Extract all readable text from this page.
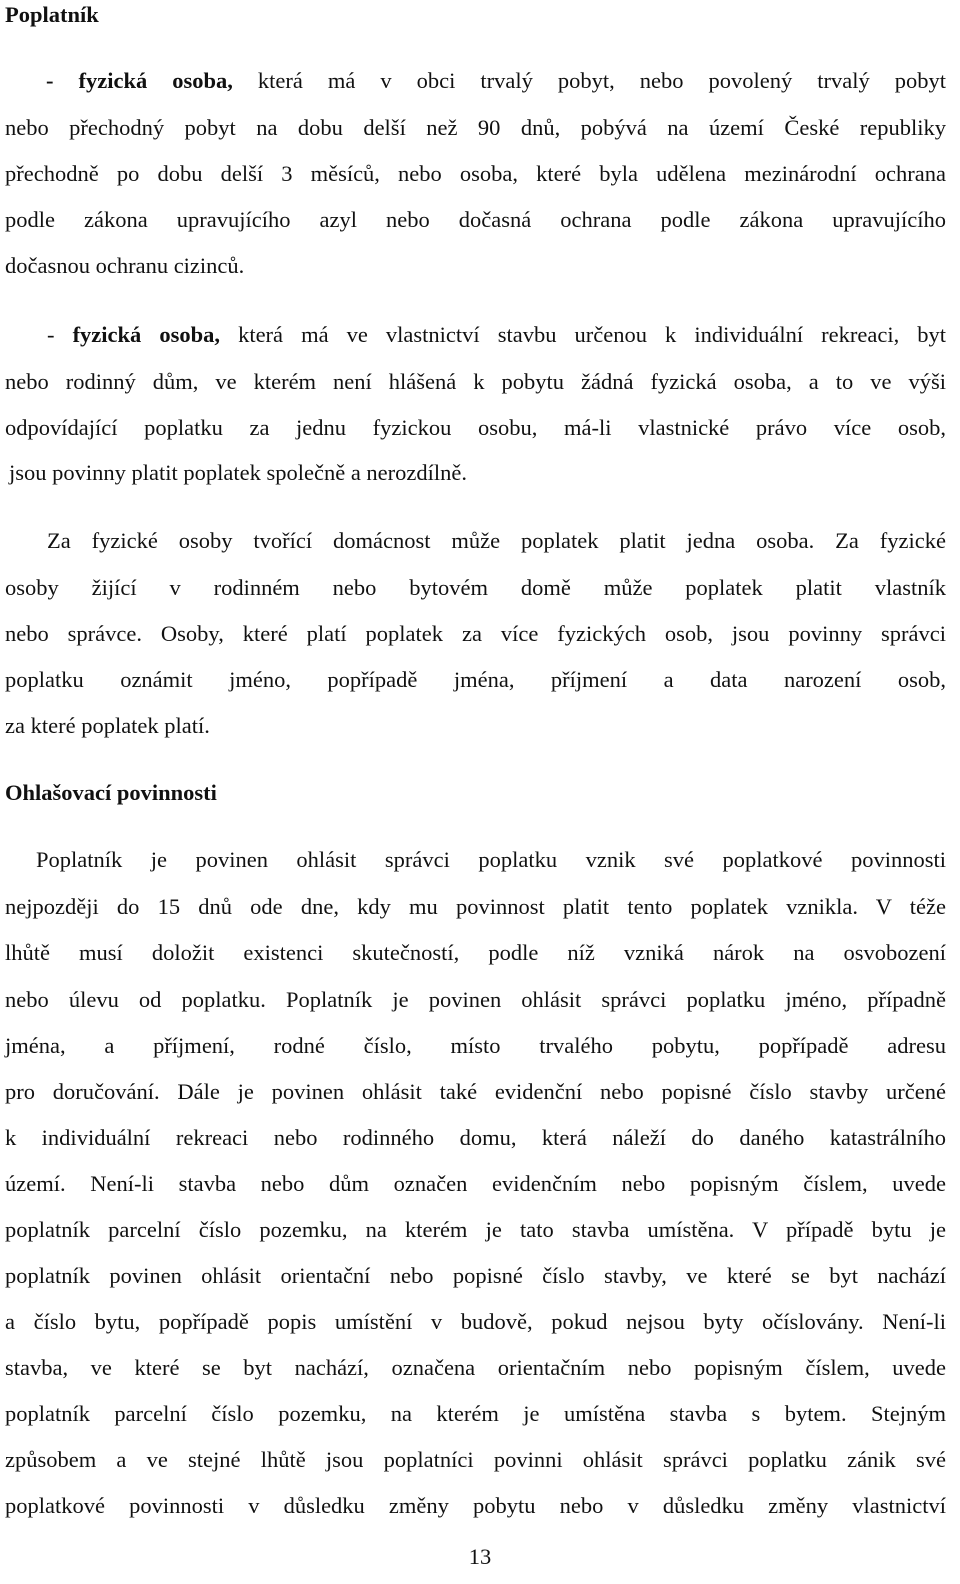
Poplatník
- fyzická osoba, která má v obci trvalý pobyt, nebo povolený trvalý pobyt
nebo přechodný pobyt na dobu delší než 90 dnů, pobývá na území České republiky
přechodně po dobu delší 3 měsíců, nebo osoba, které byla udělena mezinárodní ochrana
podle zákona upravujícího azyl nebo dočasná ochrana podle zákona upravujícího
dočasnou ochranu cizinců.
- fyzická osoba, která má ve vlastnictví stavbu určenou k individuální rekreaci, byt
nebo rodinný dům, ve kterém není hlášená k pobytu žádná fyzická osoba, a to ve výši
odpovídající poplatku za jednu fyzickou osobu, má-li vlastnické právo více osob,
jsou povinny platit poplatek společně a nerozdílně.
Za fyzické osoby tvořící domácnost může poplatek platit jedna osoba. Za fyzické
osoby žijící v rodinném nebo bytovém domě může poplatek platit vlastník
nebo správce. Osoby, které platí poplatek za více fyzických osob, jsou povinny správci
poplatku oznámit jméno, popřípadě jména, příjmení a data narození osob,
za které poplatek platí.
Ohlašovací povinnosti
Poplatník je povinen ohlásit správci poplatku vznik své poplatkové povinnosti
nejpozději do 15 dnů ode dne, kdy mu povinnost platit tento poplatek vznikla. V téže
lhůtě musí doložit existenci skutečností, podle níž vzniká nárok na osvobození
nebo úlevu od poplatku. Poplatník je povinen ohlásit správci poplatku jméno, případně
jména, a příjmení, rodné číslo, místo trvalého pobytu, popřípadě adresu
pro doručování. Dále je povinen ohlásit také evidenční nebo popisné číslo stavby určené
k individuální rekreaci nebo rodinného domu, která náleží do daného katastrálního
území. Není-li stavba nebo dům označen evidenčním nebo popisným číslem, uvede
poplatník parcelní číslo pozemku, na kterém je tato stavba umístěna. V případě bytu je
poplatník povinen ohlásit orientační nebo popisné číslo stavby, ve které se byt nachází
a číslo bytu, popřípadě popis umístění v budově, pokud nejsou byty očíslovány. Není-li
stavba, ve které se byt nachází, označena orientačním nebo popisným číslem, uvede
poplatník parcelní číslo pozemku, na kterém je umístěna stavba s bytem. Stejným
způsobem a ve stejné lhůtě jsou poplatníci povinni ohlásit správci poplatku zánik své
poplatkové povinnosti v důsledku změny pobytu nebo v důsledku změny vlastnictví
13
